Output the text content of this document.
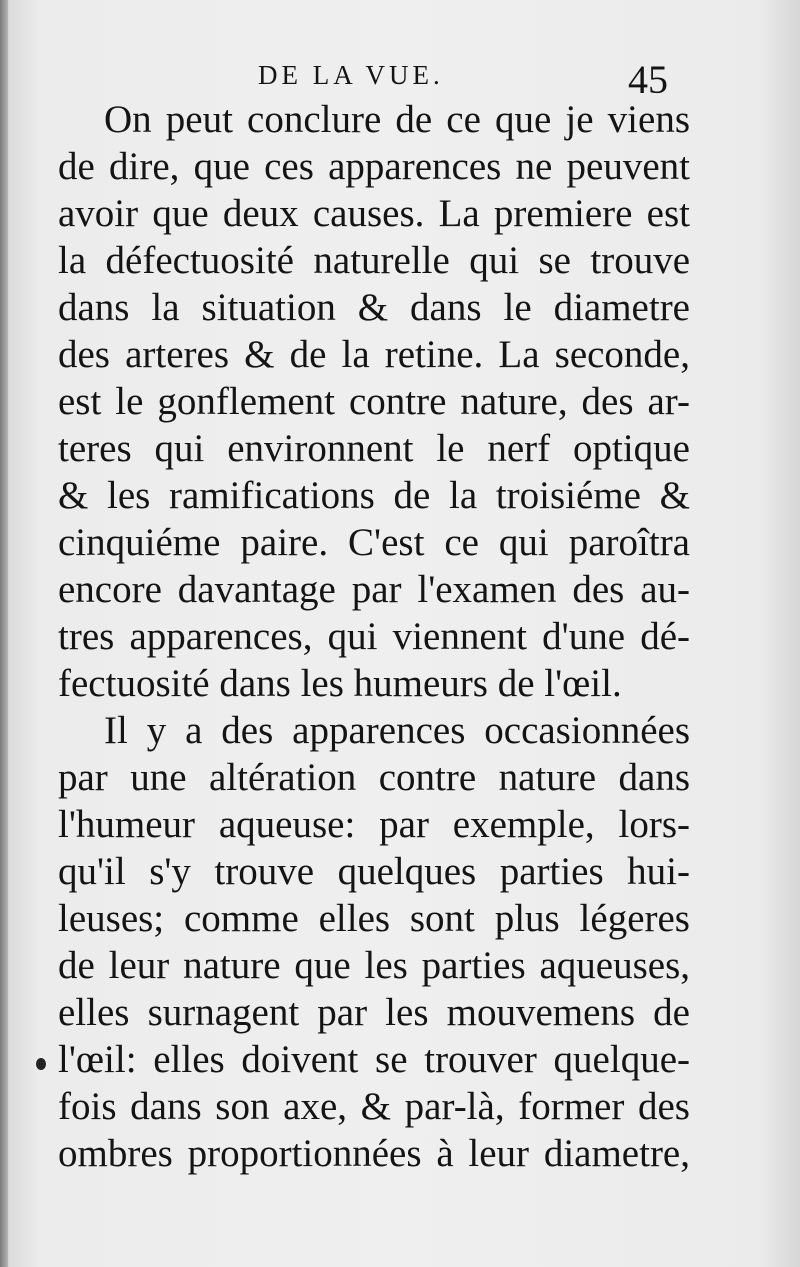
DE LA VUE.	45
On peut conclure de ce que je viens
de dire, que ces apparences ne peuvent
avoir que deux causes. La premiere est
la défectuosité naturelle qui se trouve
dans la situation & dans le diametre
des arteres & de la retine. La seconde,
est le gonflement contre nature, des ar-
teres qui environnent le nerf optique
& les ramifications de la troisiéme &
cinquiéme paire. C'est ce qui paroîtra
encore davantage par l'examen des au-
tres apparences, qui viennent d'une dé-
fectuosité dans les humeurs de l'œil.
Il y a des apparences occasionnées
par une altération contre nature dans
l'humeur aqueuse: par exemple, lors-
qu'il s'y trouve quelques parties hui-
leuses; comme elles sont plus légeres
de leur nature que les parties aqueuses,
elles surnagent par les mouvemens de
l'œil: elles doivent se trouver quelque-
fois dans son axe, & par-là, former des
ombres proportionnées à leur diametre,
